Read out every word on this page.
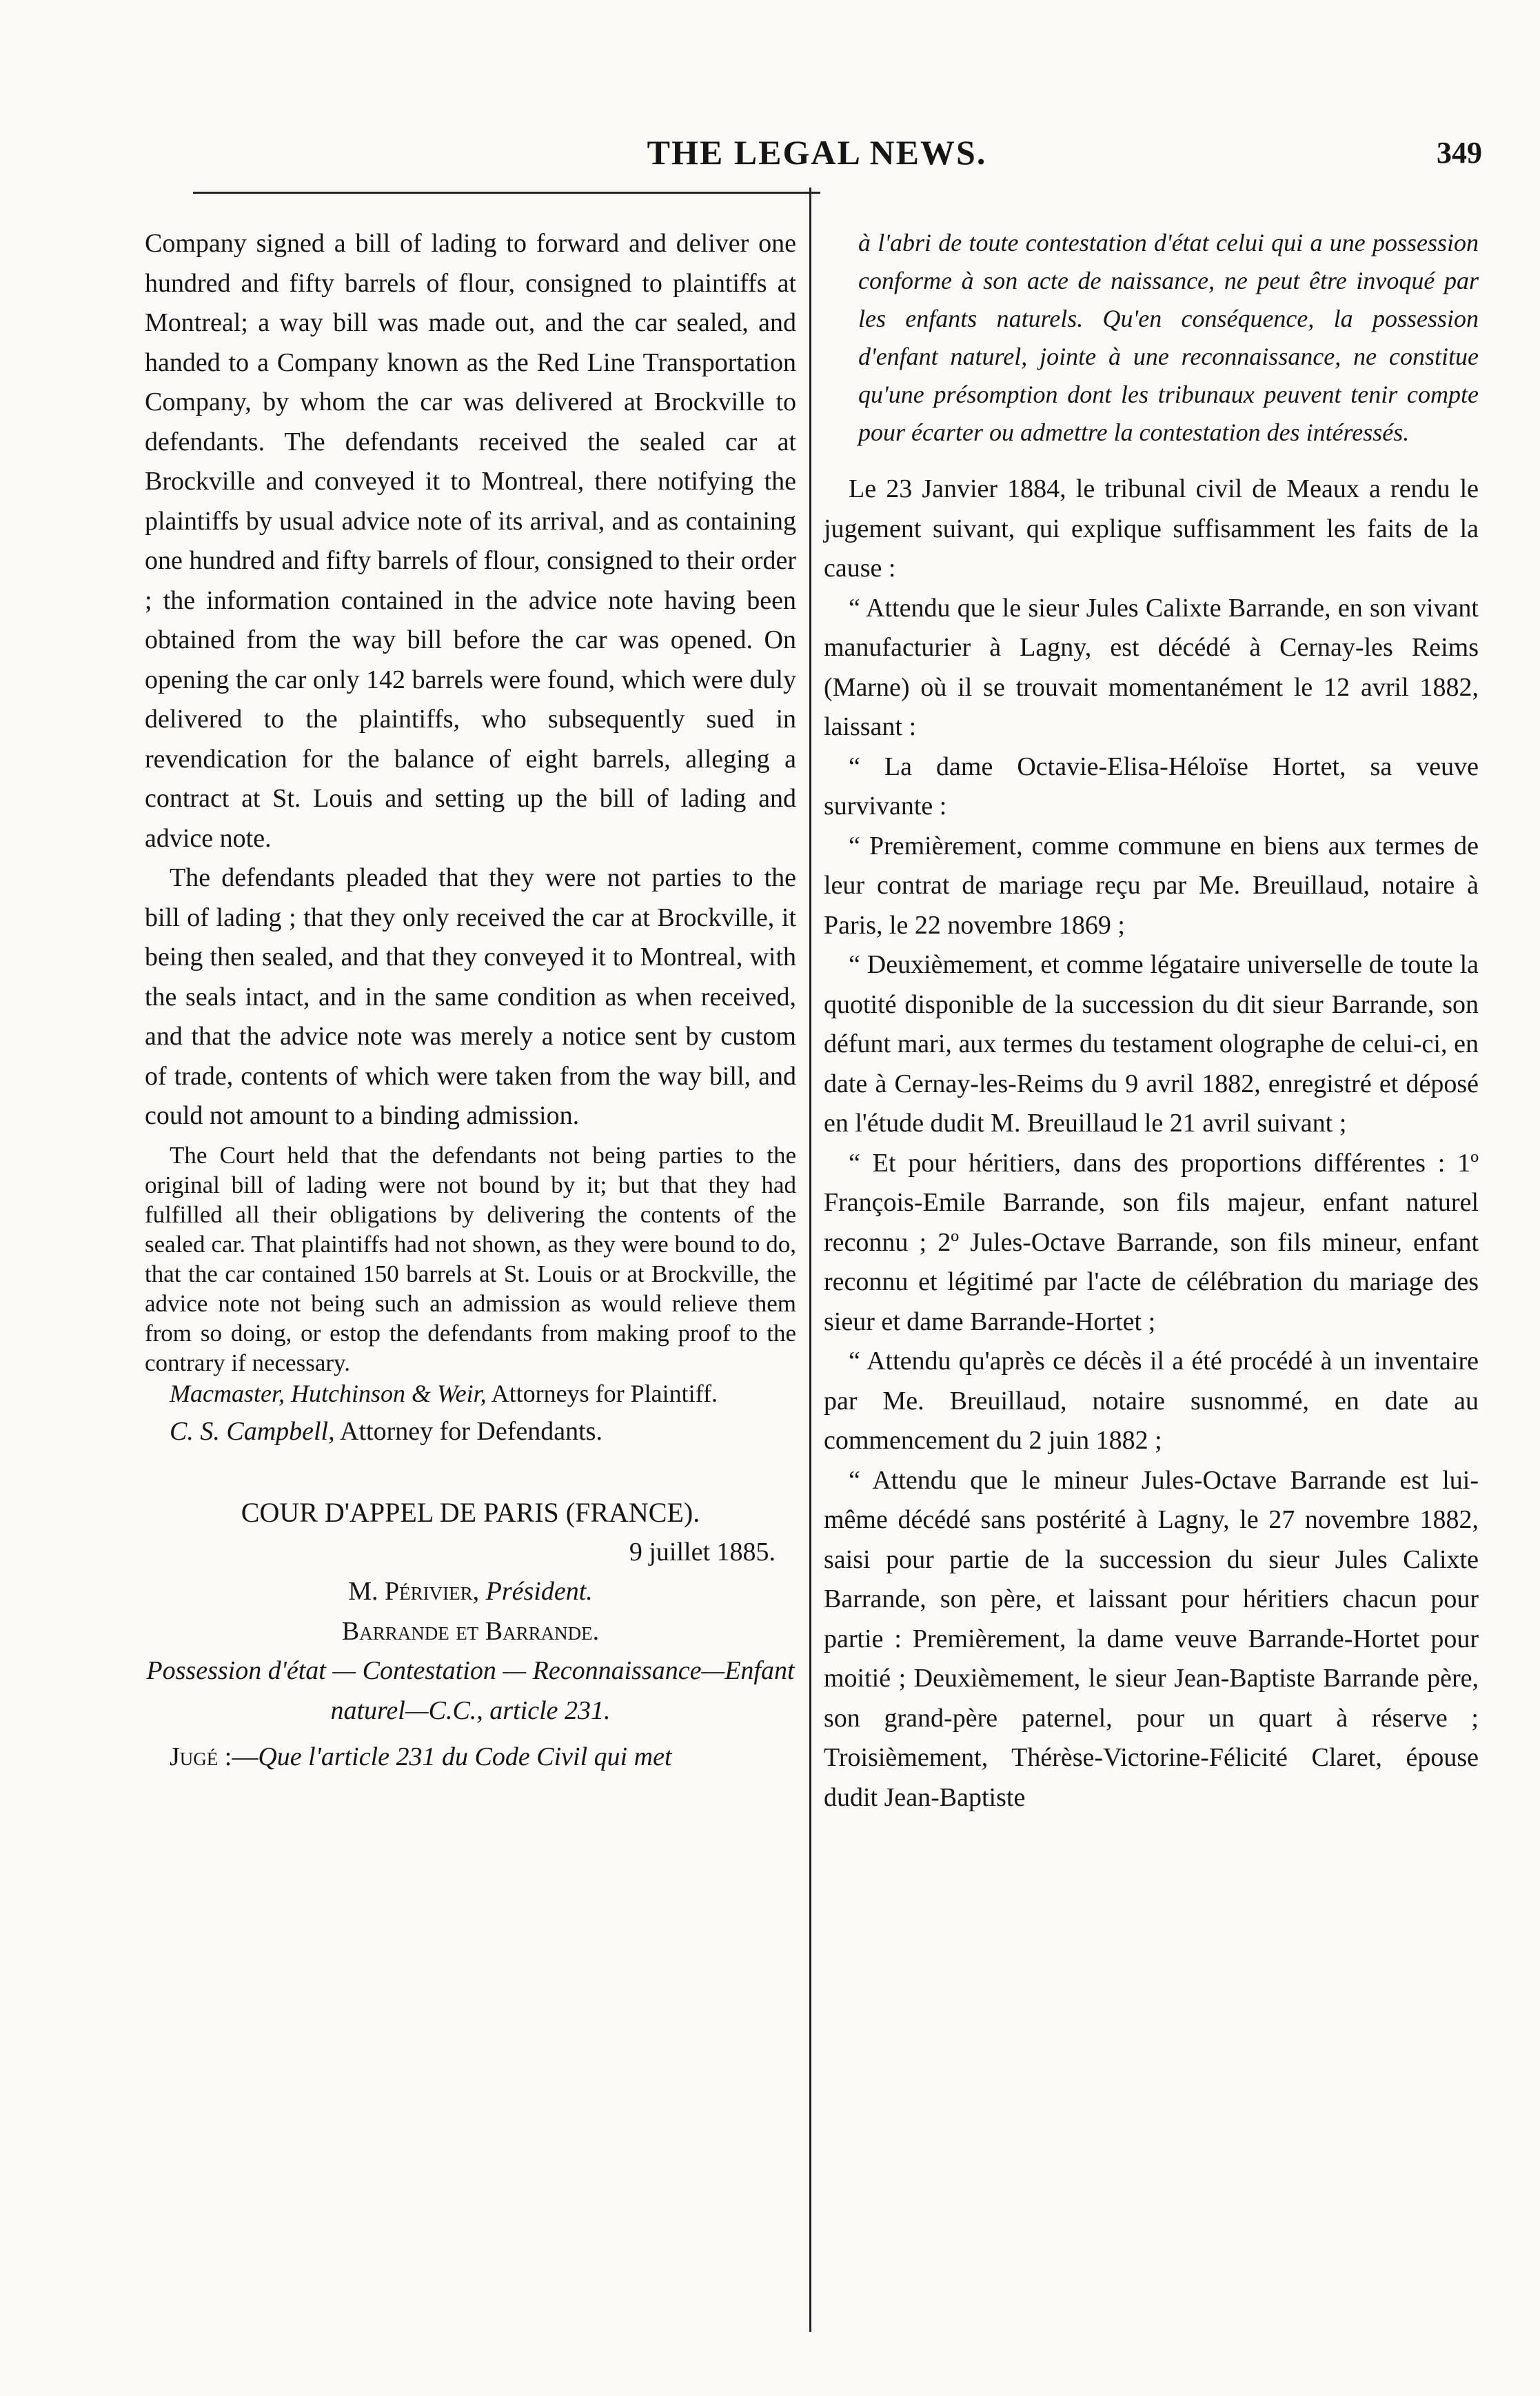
THE LEGAL NEWS.	349

Company signed a bill of lading to forward and deliver one hundred and fifty barrels of flour, consigned to plaintiffs at Montreal; a way bill was made out, and the car sealed, and handed to a Company known as the Red Line Transportation Company, by whom the car was delivered at Brockville to defendants. The defendants received the sealed car at Brockville and conveyed it to Montreal, there notifying the plaintiffs by usual advice note of its arrival, and as containing one hundred and fifty barrels of flour, consigned to their order ; the information contained in the advice note having been obtained from the way bill before the car was opened. On opening the car only 142 barrels were found, which were duly delivered to the plaintiffs, who subsequently sued in revendication for the balance of eight barrels, alleging a contract at St. Louis and setting up the bill of lading and advice note.

The defendants pleaded that they were not parties to the bill of lading ; that they only received the car at Brockville, it being then sealed, and that they conveyed it to Montreal, with the seals intact, and in the same condition as when received, and that the advice note was merely a notice sent by custom of trade, contents of which were taken from the way bill, and could not amount to a binding admission.

The Court held that the defendants not being parties to the original bill of lading were not bound by it; but that they had fulfilled all their obligations by delivering the contents of the sealed car. That plaintiffs had not shown, as they were bound to do, that the car contained 150 barrels at St. Louis or at Brockville, the advice note not being such an admission as would relieve them from so doing, or estop the defendants from making proof to the contrary if necessary.

Macmaster, Hutchinson & Weir, Attorneys for Plaintiff.

C. S. Campbell, Attorney for Defendants.

COUR D'APPEL DE PARIS (FRANCE).

9 juillet 1885.

M. Périvier, Président.

Barrande et Barrande.

Possession d'état — Contestation — Reconnaissance—Enfant naturel—C.C., article 231.

Jugé :—Que l'article 231 du Code Civil qui met

à l'abri de toute contestation d'état celui qui a une possession conforme à son acte de naissance, ne peut être invoqué par les enfants naturels. Qu'en conséquence, la possession d'enfant naturel, jointe à une reconnaissance, ne constitue qu'une présomption dont les tribunaux peuvent tenir compte pour écarter ou admettre la contestation des intéressés.

Le 23 Janvier 1884, le tribunal civil de Meaux a rendu le jugement suivant, qui explique suffisamment les faits de la cause :

“ Attendu que le sieur Jules Calixte Barrande, en son vivant manufacturier à Lagny, est décédé à Cernay-les Reims (Marne) où il se trouvait momentanément le 12 avril 1882, laissant :

“ La dame Octavie-Elisa-Héloïse Hortet, sa veuve survivante :

“ Premièrement, comme commune en biens aux termes de leur contrat de mariage reçu par Me. Breuillaud, notaire à Paris, le 22 novembre 1869 ;

“ Deuxièmement, et comme légataire universelle de toute la quotité disponible de la succession du dit sieur Barrande, son défunt mari, aux termes du testament olographe de celui-ci, en date à Cernay-les-Reims du 9 avril 1882, enregistré et déposé en l'étude dudit M. Breuillaud le 21 avril suivant ;

“ Et pour héritiers, dans des proportions différentes : 1º François-Emile Barrande, son fils majeur, enfant naturel reconnu ; 2º Jules-Octave Barrande, son fils mineur, enfant reconnu et légitimé par l'acte de célébration du mariage des sieur et dame Barrande-Hortet ;

“ Attendu qu'après ce décès il a été procédé à un inventaire par Me. Breuillaud, notaire susnommé, en date au commencement du 2 juin 1882 ;

“ Attendu que le mineur Jules-Octave Barrande est lui-même décédé sans postérité à Lagny, le 27 novembre 1882, saisi pour partie de la succession du sieur Jules Calixte Barrande, son père, et laissant pour héritiers chacun pour partie : Premièrement, la dame veuve Barrande-Hortet pour moitié ; Deuxièmement, le sieur Jean-Baptiste Barrande père, son grand-père paternel, pour un quart à réserve ; Troisièmement, Thérèse-Victorine-Félicité Claret, épouse dudit Jean-Baptiste
